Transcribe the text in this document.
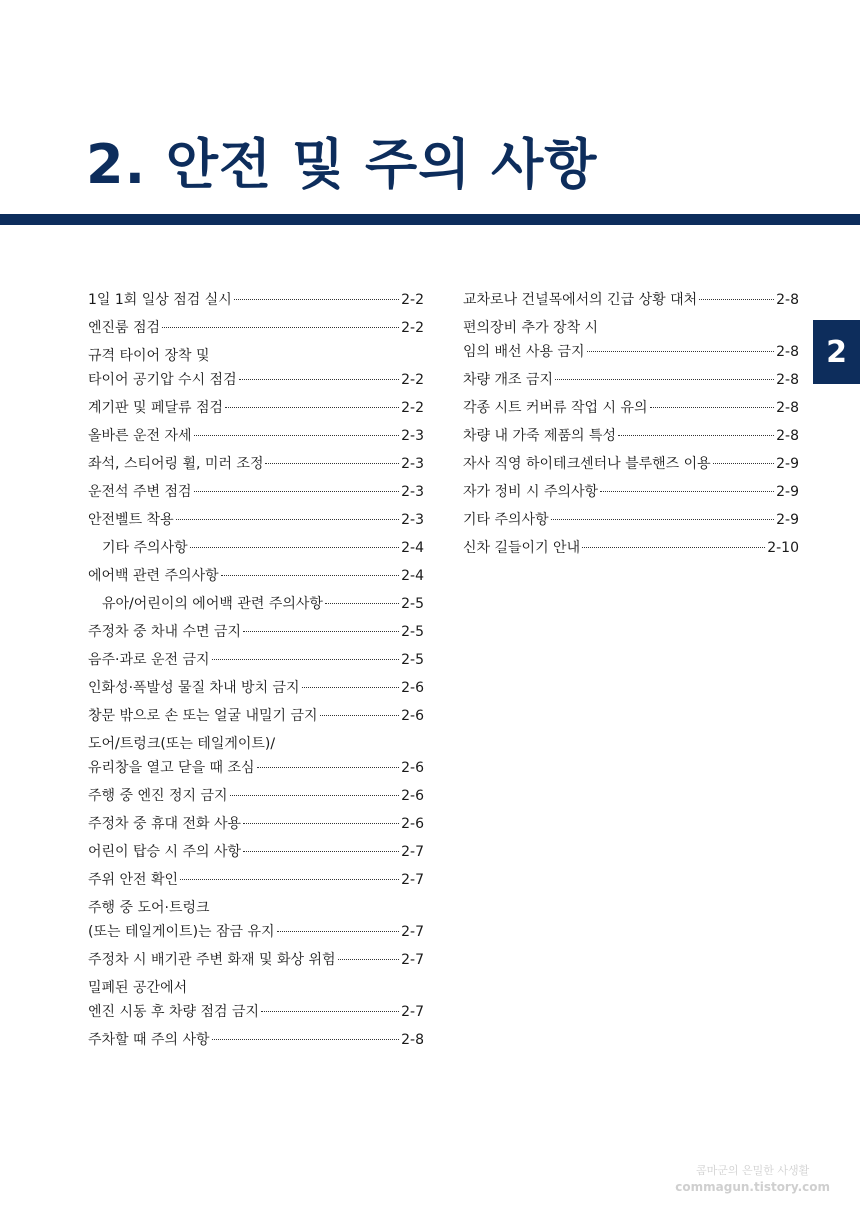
2. 안전 및 주의 사항
2
1일 1회 일상 점검 실시	2-2
엔진룸 점검	2-2
규격 타이어 장착 및
타이어 공기압 수시 점검	2-2
계기판 및 페달류 점검	2-2
올바른 운전 자세	2-3
좌석, 스티어링 휠, 미러 조정	2-3
운전석 주변 점검	2-3
안전벨트 착용	2-3
기타 주의사항	2-4
에어백 관련 주의사항	2-4
유아/어린이의 에어백 관련 주의사항	2-5
주정차 중 차내 수면 금지	2-5
음주·과로 운전 금지	2-5
인화성·폭발성 물질 차내 방치 금지	2-6
창문 밖으로 손 또는 얼굴 내밀기 금지	2-6
도어/트렁크(또는 테일게이트)/
유리창을 열고 닫을 때 조심	2-6
주행 중 엔진 정지 금지	2-6
주정차 중 휴대 전화 사용	2-6
어린이 탑승 시 주의 사항	2-7
주위 안전 확인	2-7
주행 중 도어·트렁크
(또는 테일게이트)는 잠금 유지	2-7
주정차 시 배기관 주변 화재 및 화상 위험	2-7
밀폐된 공간에서
엔진 시동 후 차량 점검 금지	2-7
주차할 때 주의 사항	2-8
교차로나 건널목에서의 긴급 상황 대처	2-8
편의장비 추가 장착 시
임의 배선 사용 금지	2-8
차량 개조 금지	2-8
각종 시트 커버류 작업 시 유의	2-8
차량 내 가죽 제품의 특성	2-8
자사 직영 하이테크센터나 블루핸즈 이용	2-9
자가 정비 시 주의사항	2-9
기타 주의사항	2-9
신차 길들이기 안내	2-10
콤마군의 은밀한 사생활
commagun.tistory.com
